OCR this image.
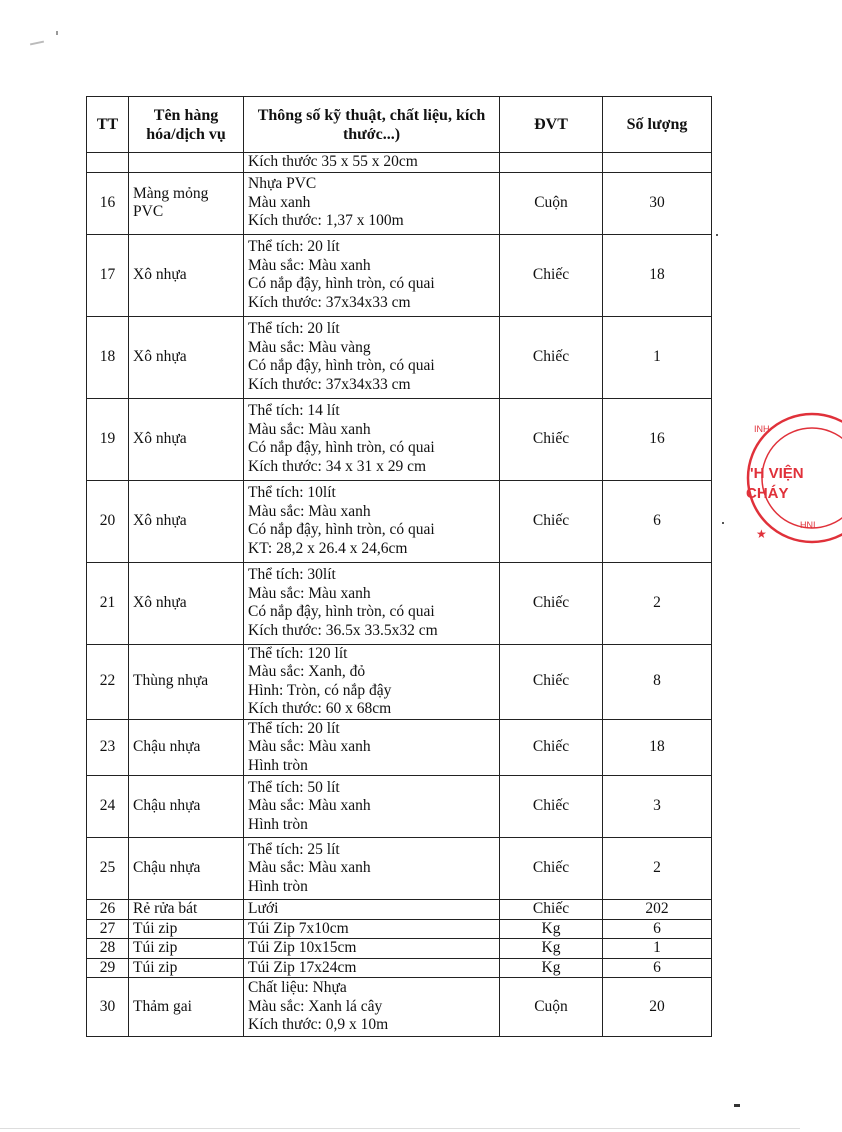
TT	Tên hàng hóa/dịch vụ	Thông số kỹ thuật, chất liệu, kích thước...)	ĐVT	Số lượng

		Kích thước 35 x 55 x 20cm		

16	Màng mỏng PVC	Nhựa PVC
Màu xanh
Kích thước: 1,37 x 100m	Cuộn	30
17	Xô nhựa	Thể tích: 20 lít
Màu sắc: Màu xanh
Có nắp đậy, hình tròn, có quai
Kích thước: 37x34x33 cm	Chiếc	18
18	Xô nhựa	Thể tích: 20 lít
Màu sắc: Màu vàng
Có nắp đậy, hình tròn, có quai
Kích thước: 37x34x33 cm	Chiếc	1
19	Xô nhựa	Thể tích: 14 lít
Màu sắc: Màu xanh
Có nắp đậy, hình tròn, có quai
Kích thước: 34 x 31 x 29 cm	Chiếc	16
20	Xô nhựa	Thể tích: 10lít
Màu sắc: Màu xanh
Có nắp đậy, hình tròn, có quai
KT: 28,2 x 26.4 x 24,6cm	Chiếc	6
21	Xô nhựa	Thể tích: 30lít
Màu sắc: Màu xanh
Có nắp đậy, hình tròn, có quai
Kích thước: 36.5x 33.5x32 cm	Chiếc	2
22	Thùng nhựa	Thể tích: 120 lít
Màu sắc: Xanh, đỏ
Hình: Tròn, có nắp đậy
Kích thước: 60 x 68cm	Chiếc	8
23	Chậu nhựa	Thể tích: 20 lít
Màu sắc: Màu xanh
Hình tròn	Chiếc	18
24	Chậu nhựa	Thể tích: 50 lít
Màu sắc: Màu xanh
Hình tròn	Chiếc	3
25	Chậu nhựa	Thể tích: 25 lít
Màu sắc: Màu xanh
Hình tròn	Chiếc	2
26	Rẻ rửa bát	Lưới	Chiếc	202
27	Túi zip	Túi Zip 7x10cm	Kg	6
28	Túi zip	Túi Zip 10x15cm	Kg	1
29	Túi zip	Túi Zip 17x24cm	Kg	6
30	Thảm gai	Chất liệu: Nhựa
Màu sắc: Xanh lá cây
Kích thước: 0,9 x 10m	Cuộn	20
INH
'H VIỆN
CHÁY
★
HNI
